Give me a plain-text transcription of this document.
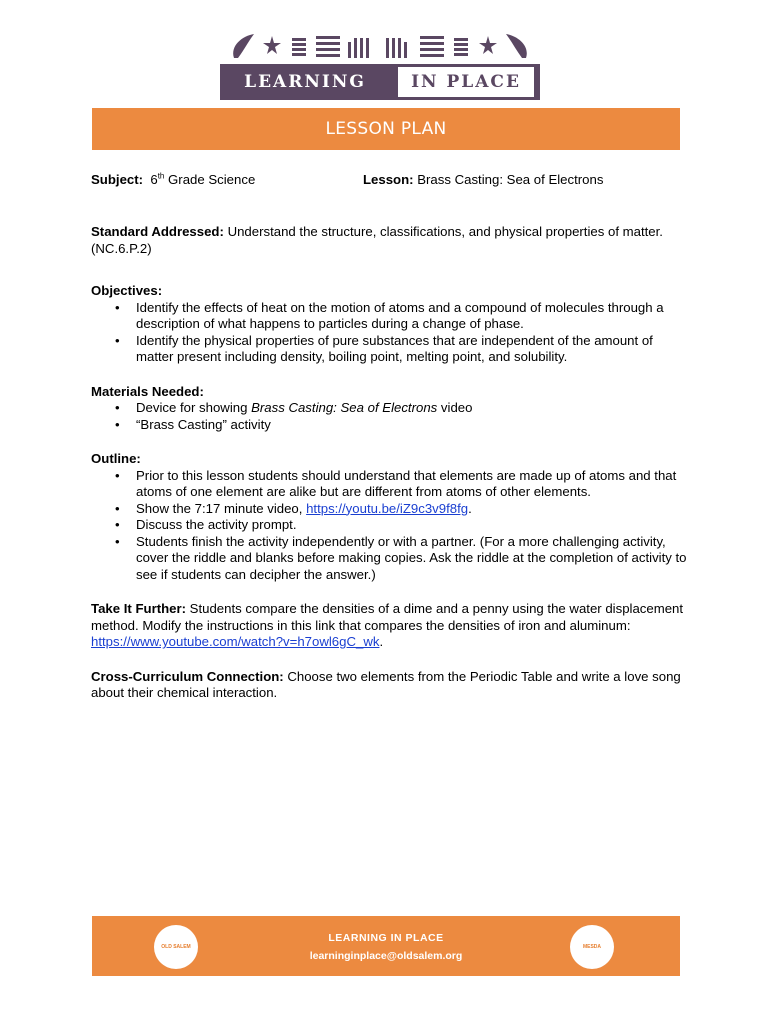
LEARNING	IN PLACE
LESSON PLAN
Subject: 6th Grade Science	Lesson: Brass Casting: Sea of Electrons
Standard Addressed: Understand the structure, classifications, and physical properties of matter. (NC.6.P.2)
Objectives:
• Identify the effects of heat on the motion of atoms and a compound of molecules through a description of what happens to particles during a change of phase.
• Identify the physical properties of pure substances that are independent of the amount of matter present including density, boiling point, melting point, and solubility.
Materials Needed:
• Device for showing Brass Casting: Sea of Electrons video
• “Brass Casting” activity
Outline:
• Prior to this lesson students should understand that elements are made up of atoms and that atoms of one element are alike but are different from atoms of other elements.
• Show the 7:17 minute video, https://youtu.be/iZ9c3v9f8fg.
• Discuss the activity prompt.
• Students finish the activity independently or with a partner. (For a more challenging activity, cover the riddle and blanks before making copies. Ask the riddle at the completion of activity to see if students can decipher the answer.)
Take It Further: Students compare the densities of a dime and a penny using the water displacement method. Modify the instructions in this link that compares the densities of iron and aluminum: https://www.youtube.com/watch?v=h7owl6gC_wk.
Cross-Curriculum Connection: Choose two elements from the Periodic Table and write a love song about their chemical interaction.
OLD SALEM
LEARNING IN PLACE
learninginplace@oldsalem.org
MESDA
